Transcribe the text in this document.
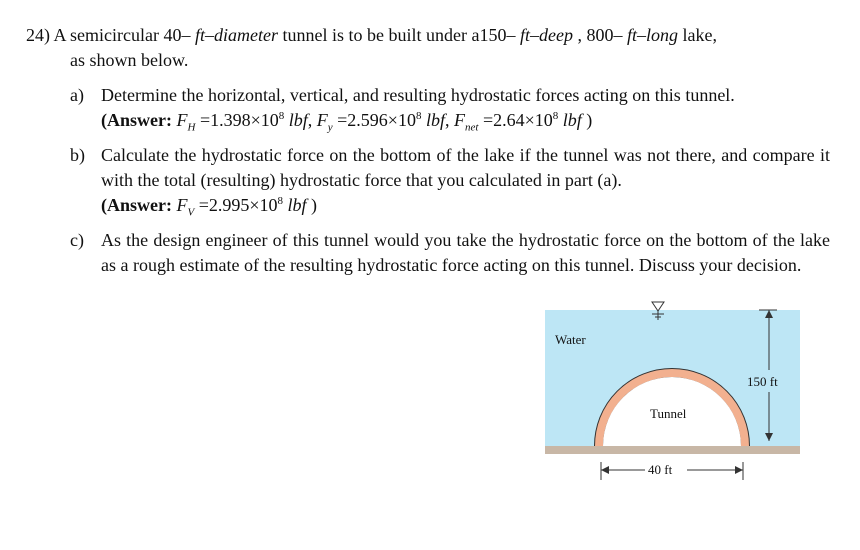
24) A semicircular 40– ft–diameter tunnel is to be built under a150– ft–deep , 800– ft–long lake,
as shown below.
a) Determine the horizontal, vertical, and resulting hydrostatic forces acting on this tunnel.
(Answer: $F_H =1.398\times 10^8$ lbf, $F_y =2.596\times 10^8$ lbf, $F_{net} =2.64\times 10^8$ lbf )
b) Calculate the hydrostatic force on the bottom of the lake if the tunnel was not there, and compare it with the total (resulting) hydrostatic force that you calculated in part (a).
(Answer: $F_V =2.995\times 10^8$ lbf )
c) As the design engineer of this tunnel would you take the hydrostatic force on the bottom of the lake as a rough estimate of the resulting hydrostatic force acting on this tunnel. Discuss your decision.
150 ft
40 ft
Water
Tunnel
